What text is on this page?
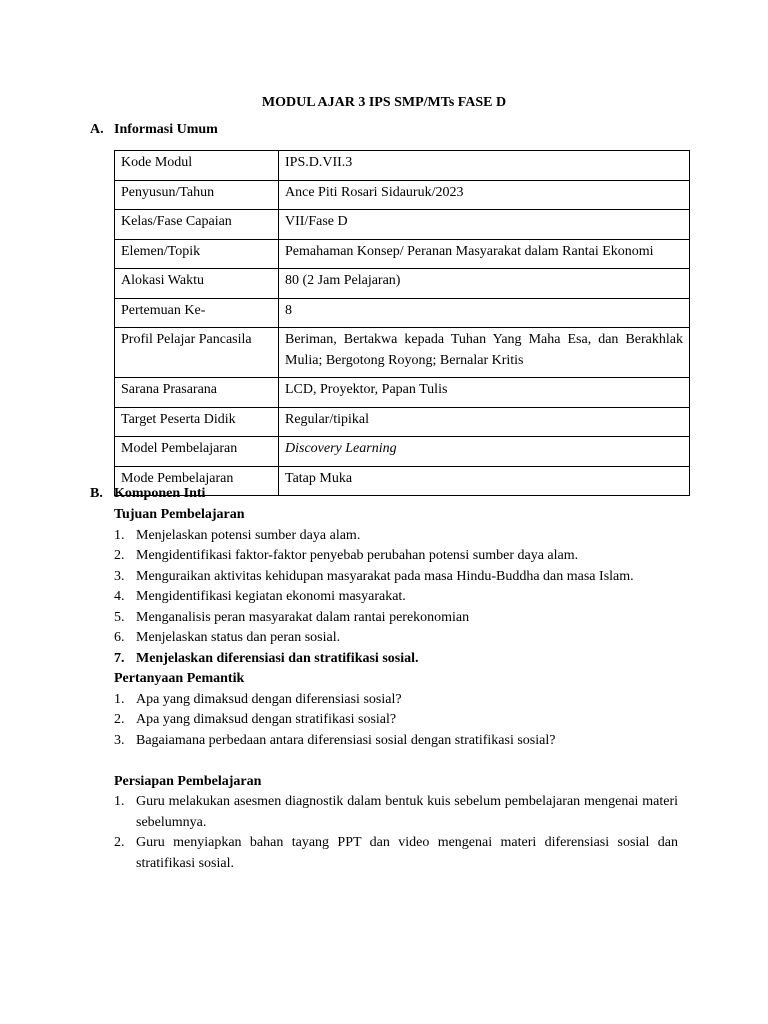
MODUL AJAR 3 IPS SMP/MTs FASE D
A. Informasi Umum
Kode Modul	IPS.D.VII.3
Penyusun/Tahun	Ance Piti Rosari Sidauruk/2023
Kelas/Fase Capaian	VII/Fase D
Elemen/Topik	Pemahaman Konsep/ Peranan Masyarakat dalam Rantai Ekonomi
Alokasi Waktu	80 (2 Jam Pelajaran)
Pertemuan Ke-	8
Profil Pelajar Pancasila	Beriman, Bertakwa kepada Tuhan Yang Maha Esa, dan Berakhlak Mulia; Bergotong Royong; Bernalar Kritis
Sarana Prasarana	LCD, Proyektor, Papan Tulis
Target Peserta Didik	Regular/tipikal
Model Pembelajaran	Discovery Learning
Mode Pembelajaran	Tatap Muka
B. Komponen Inti
Tujuan Pembelajaran
1. Menjelaskan potensi sumber daya alam.
2. Mengidentifikasi faktor-faktor penyebab perubahan potensi sumber daya alam.
3. Menguraikan aktivitas kehidupan masyarakat pada masa Hindu-Buddha dan masa Islam.
4. Mengidentifikasi kegiatan ekonomi masyarakat.
5. Menganalisis peran masyarakat dalam rantai perekonomian
6. Menjelaskan status dan peran sosial.
7. Menjelaskan diferensiasi dan stratifikasi sosial.
Pertanyaan Pemantik
1. Apa yang dimaksud dengan diferensiasi sosial?
2. Apa yang dimaksud dengan stratifikasi sosial?
3. Bagaiamana perbedaan antara diferensiasi sosial dengan stratifikasi sosial?
Persiapan Pembelajaran
1. Guru melakukan asesmen diagnostik dalam bentuk kuis sebelum pembelajaran mengenai materi sebelumnya.
2. Guru menyiapkan bahan tayang PPT dan video mengenai materi diferensiasi sosial dan stratifikasi sosial.
